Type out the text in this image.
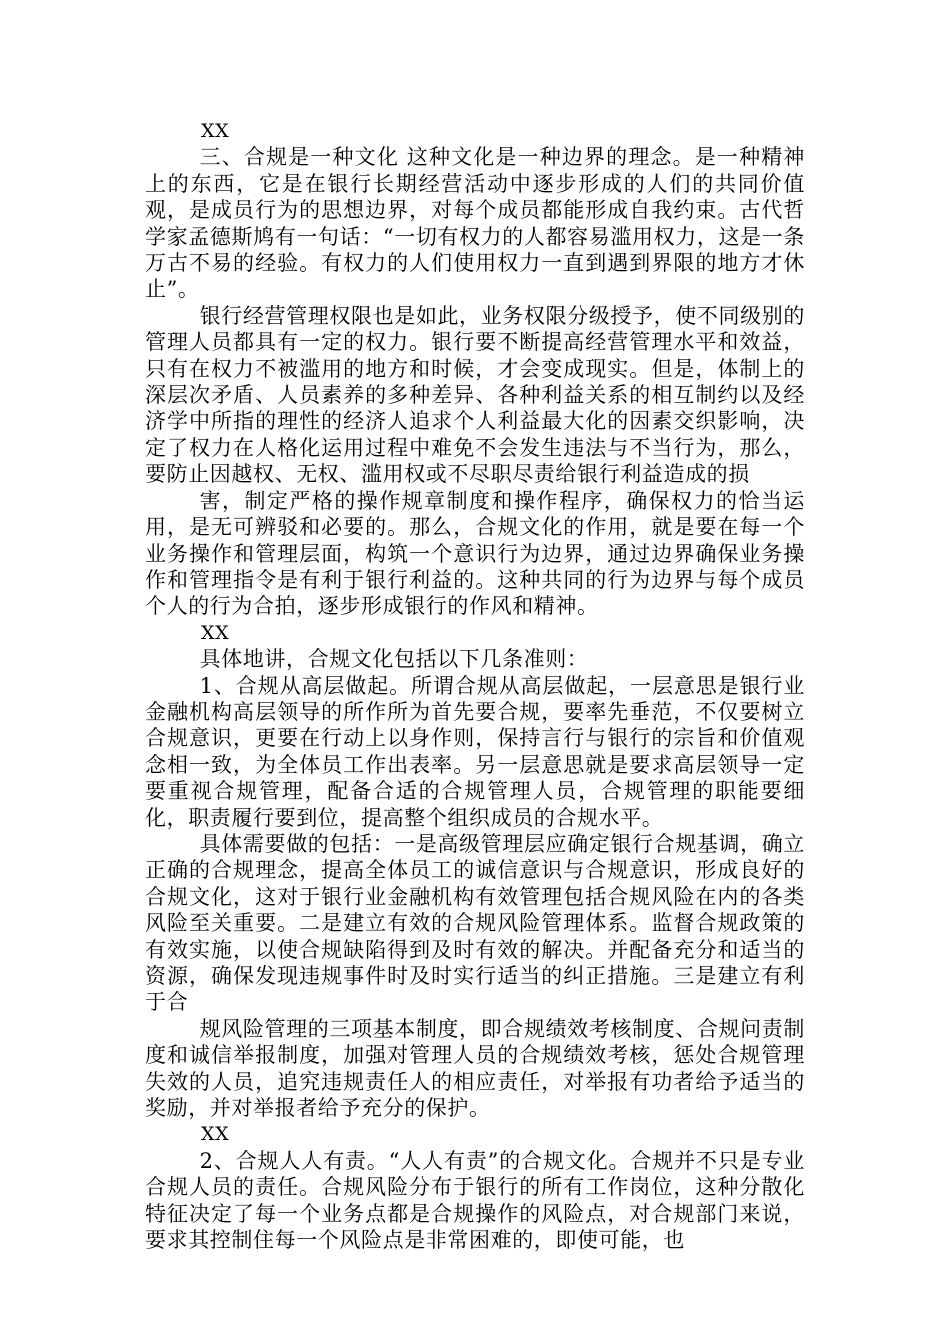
XX

三、合规是一种文化 这种文化是一种边界的理念。是一种精神上的东西，它是在银行长期经营活动中逐步形成的人们的共同价值观，是成员行为的思想边界，对每个成员都能形成自我约束。古代哲学家孟德斯鸠有一句话：“一切有权力的人都容易滥用权力，这是一条万古不易的经验。有权力的人们使用权力一直到遇到界限的地方才休止”。

银行经营管理权限也是如此，业务权限分级授予，使不同级别的管理人员都具有一定的权力。银行要不断提高经营管理水平和效益，只有在权力不被滥用的地方和时候，才会变成现实。但是，体制上的深层次矛盾、人员素养的多种差异、各种利益关系的相互制约以及经济学中所指的理性的经济人追求个人利益最大化的因素交织影响，决定了权力在人格化运用过程中难免不会发生违法与不当行为，那么，要防止因越权、无权、滥用权或不尽职尽责给银行利益造成的损

害，制定严格的操作规章制度和操作程序，确保权力的恰当运用，是无可辨驳和必要的。那么，合规文化的作用，就是要在每一个业务操作和管理层面，构筑一个意识行为边界，通过边界确保业务操作和管理指令是有利于银行利益的。这种共同的行为边界与每个成员个人的行为合拍，逐步形成银行的作风和精神。

XX

具体地讲，合规文化包括以下几条准则：

1、合规从高层做起。所谓合规从高层做起，一层意思是银行业金融机构高层领导的所作所为首先要合规，要率先垂范，不仅要树立合规意识，更要在行动上以身作则，保持言行与银行的宗旨和价值观念相一致，为全体员工作出表率。另一层意思就是要求高层领导一定要重视合规管理，配备合适的合规管理人员，合规管理的职能要细化，职责履行要到位，提高整个组织成员的合规水平。

具体需要做的包括：一是高级管理层应确定银行合规基调，确立正确的合规理念，提高全体员工的诚信意识与合规意识，形成良好的合规文化，这对于银行业金融机构有效管理包括合规风险在内的各类风险至关重要。二是建立有效的合规风险管理体系。监督合规政策的有效实施，以使合规缺陷得到及时有效的解决。并配备充分和适当的资源，确保发现违规事件时及时实行适当的纠正措施。三是建立有利于合

规风险管理的三项基本制度，即合规绩效考核制度、合规问责制度和诚信举报制度，加强对管理人员的合规绩效考核，惩处合规管理失效的人员，追究违规责任人的相应责任，对举报有功者给予适当的奖励，并对举报者给予充分的保护。

XX

2、合规人人有责。“人人有责”的合规文化。合规并不只是专业合规人员的责任。合规风险分布于银行的所有工作岗位，这种分散化特征决定了每一个业务点都是合规操作的风险点，对合规部门来说，要求其控制住每一个风险点是非常困难的，即使可能，也
